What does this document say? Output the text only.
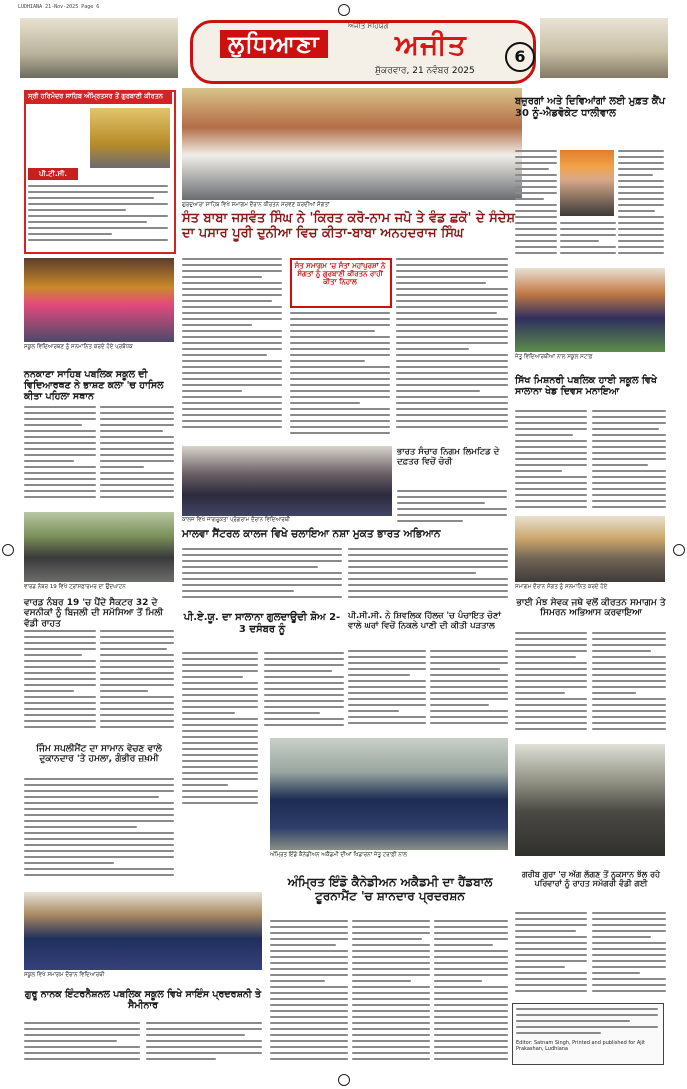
LUDHIANA 21-Nov-2025 Page 6
ਅਜੀਤ ਸਹਿਯੋਗ
ਲੁਧਿਆਣਾ	ਅਜੀਤ
ਸ਼ੁੱਕਰਵਾਰ, 21 ਨਵੰਬਰ 2025
6
ਸ੍ਰੀ ਹਰਿਮੰਦਰ ਸਾਹਿਬ ਅੰਮ੍ਰਿਤਸਰ ਤੋਂ ਗੁਰਬਾਣੀ ਕੀਰਤਨ
ਪੀ.ਟੀ.ਸੀ.
ਗੁਰਦੁਆਰਾ ਸਾਹਿਬ ਵਿਖੇ ਸਮਾਗਮ ਦੌਰਾਨ ਕੀਰਤਨ ਸਰਵਣ ਕਰਦੀਆਂ ਸੰਗਤਾਂ
ਸੰਤ ਬਾਬਾ ਜਸਵੰਤ ਸਿੰਘ ਨੇ 'ਕਿਰਤ ਕਰੋ-ਨਾਮ ਜਪੋ ਤੇ ਵੰਡ ਛਕੋ' ਦੇ ਸੰਦੇਸ਼ ਦਾ ਪਸਾਰ ਪੂਰੀ ਦੁਨੀਆ ਵਿਚ ਕੀਤਾ-ਬਾਬਾ ਅਨਹਦਰਾਜ ਸਿੰਘ
ਸੰਤ ਸਮਾਗਮ 'ਚ ਸੰਤਾਂ ਮਹਾਂਪੁਰਸ਼ਾਂ ਨੇ ਸੰਗਤਾਂ ਨੂੰ ਗੁਰਬਾਣੀ ਕੀਰਤਨ ਰਾਹੀਂ ਕੀਤਾ ਨਿਹਾਲ
ਬਜ਼ੁਰਗਾਂ ਅਤੇ ਦਿਵਿਆਂਗਾਂ ਲਈ ਮੁਫ਼ਤ ਕੈਂਪ 30 ਨੂੰ-ਐਡਵੋਕੇਟ ਧਾਲੀਵਾਲ
ਸਕੂਲ ਵਿਦਿਆਰਥਣ ਨੂੰ ਸਨਮਾਨਿਤ ਕਰਦੇ ਹੋਏ ਪ੍ਰਬੰਧਕ
ਨਨਕਾਣਾ ਸਾਹਿਬ ਪਬਲਿਕ ਸਕੂਲ ਦੀ ਵਿਦਿਆਰਥਣ ਨੇ ਭਾਸ਼ਣ ਕਲਾ 'ਚ ਹਾਸਿਲ ਕੀਤਾ ਪਹਿਲਾ ਸਥਾਨ
ਜੇਤੂ ਵਿਦਿਆਰਥੀਆਂ ਨਾਲ ਸਕੂਲ ਸਟਾਫ਼
ਸਿੱਖ ਮਿਸ਼ਨਰੀ ਪਬਲਿਕ ਹਾਈ ਸਕੂਲ ਵਿਖੇ ਸਾਲਾਨਾ ਖੇਡ ਦਿਵਸ ਮਨਾਇਆ
ਕਾਲਜ ਵਿਖੇ ਜਾਗਰੂਕਤਾ ਪ੍ਰੋਗਰਾਮ ਦੌਰਾਨ ਵਿਦਿਆਰਥੀ
ਭਾਰਤ ਸੰਚਾਰ ਨਿਗਮ ਲਿਮਟਿਡ ਦੇ ਦਫ਼ਤਰ ਵਿਚੋਂ ਚੋਰੀ
ਮਾਲਵਾ ਸੈਂਟਰਲ ਕਾਲਜ ਵਿਖੇ ਚਲਾਇਆ ਨਸ਼ਾ ਮੁਕਤ ਭਾਰਤ ਅਭਿਆਨ
ਵਾਰਡ ਨੰਬਰ 19 ਵਿਖੇ ਟ੍ਰਾਂਸਫ਼ਾਰਮਰ ਦਾ ਉਦਘਾਟਨ
ਵਾਰਡ ਨੰਬਰ 19 'ਚ ਪੈਂਦੇ ਸੈਕਟਰ 32 ਦੇ ਵਸਨੀਕਾਂ ਨੂੰ ਬਿਜਲੀ ਦੀ ਸਮੱਸਿਆ ਤੋਂ ਮਿਲੀ ਵੱਡੀ ਰਾਹਤ
ਪੀ.ਏ.ਯੂ. ਦਾ ਸਾਲਾਨਾ ਗੁਲਦਾਊਦੀ ਸ਼ੋਅ 2-3 ਦਸੰਬਰ ਨੂੰ
ਪੀ.ਸੀ.ਸੀ. ਨੇ ਸ਼ਿਵਲਿਕ ਹਿੱਲਜ਼ 'ਚ ਪੰਚਾਇਤ ਚੋਣਾਂ ਵਾਲੇ ਘਰਾਂ ਵਿਚੋਂ ਨਿਕਲੇ ਪਾਣੀ ਦੀ ਕੀਤੀ ਪੜਤਾਲ
ਸਮਾਗਮ ਦੌਰਾਨ ਸੰਗਤ ਨੂੰ ਸਨਮਾਨਿਤ ਕਰਦੇ ਹੋਏ
ਭਾਈ ਮੰਝ ਸੇਵਕ ਜਥੇ ਵਲੋਂ ਕੀਰਤਨ ਸਮਾਗਮ ਤੇ ਸਿਮਰਨ ਅਭਿਆਸ ਕਰਵਾਇਆ
ਜਿੰਮ ਸਪਲੀਮੈਂਟ ਦਾ ਸਾਮਾਨ ਵੇਚਣ ਵਾਲੇ ਦੁਕਾਨਦਾਰ 'ਤੇ ਹਮਲਾ, ਗੰਭੀਰ ਜ਼ਖ਼ਮੀ
ਅੰਮ੍ਰਿਤ ਇੰਡੋ ਕੈਨੇਡੀਅਨ ਅਕੈਡਮੀ ਦੀਆਂ ਖਿਡਾਰਨਾਂ ਜੇਤੂ ਟਰਾਫ਼ੀ ਨਾਲ
ਅੰਮ੍ਰਿਤ ਇੰਡੋ ਕੈਨੇਡੀਅਨ ਅਕੈਡਮੀ ਦਾ ਹੈਂਡਬਾਲ ਟੂਰਨਾਮੈਂਟ 'ਚ ਸ਼ਾਨਦਾਰ ਪ੍ਰਦਰਸ਼ਨ
ਗਰੀਬ ਗੁਰਾ 'ਚ ਅੱਗ ਲੱਗਣ ਤੋਂ ਨੁਕਸਾਨ ਝੱਲ ਰਹੇ ਪਰਿਵਾਰਾਂ ਨੂੰ ਰਾਹਤ ਸਮੱਗਰੀ ਵੰਡੀ ਗਈ
Editor: Satnam Singh, Printed and published for Ajit Prakashan, Ludhiana
ਸਕੂਲ ਵਿਖੇ ਸਮਾਗਮ ਦੌਰਾਨ ਵਿਦਿਆਰਥੀ
ਗੁਰੂ ਨਾਨਕ ਇੰਟਰਨੈਸ਼ਨਲ ਪਬਲਿਕ ਸਕੂਲ ਵਿਖੇ ਸਾਇੰਸ ਪ੍ਰਦਰਸ਼ਨੀ ਤੇ ਸੈਮੀਨਾਰ
